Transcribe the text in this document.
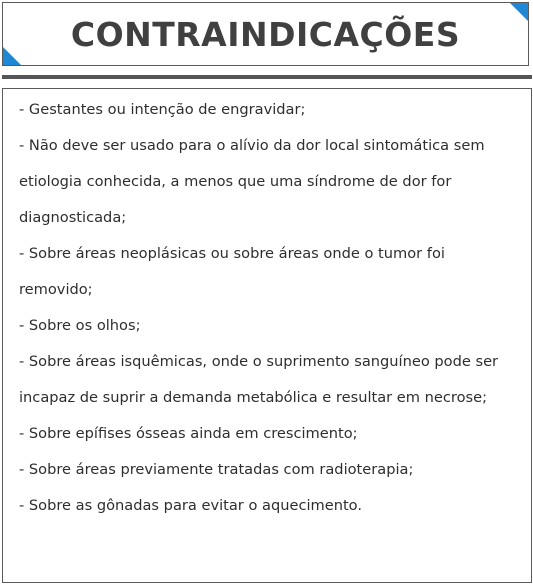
CONTRAINDICAÇÕES
- Gestantes ou intenção de engravidar;
- Não deve ser usado para o alívio da dor local sintomática sem etiologia conhecida, a menos que uma síndrome de dor for diagnosticada;
- Sobre áreas neoplásicas ou sobre áreas onde o tumor foi removido;
- Sobre os olhos;
- Sobre áreas isquêmicas, onde o suprimento sanguíneo pode ser incapaz de suprir a demanda metabólica e resultar em necrose;
- Sobre epífises ósseas ainda em crescimento;
- Sobre áreas previamente tratadas com radioterapia;
- Sobre as gônadas para evitar o aquecimento.
